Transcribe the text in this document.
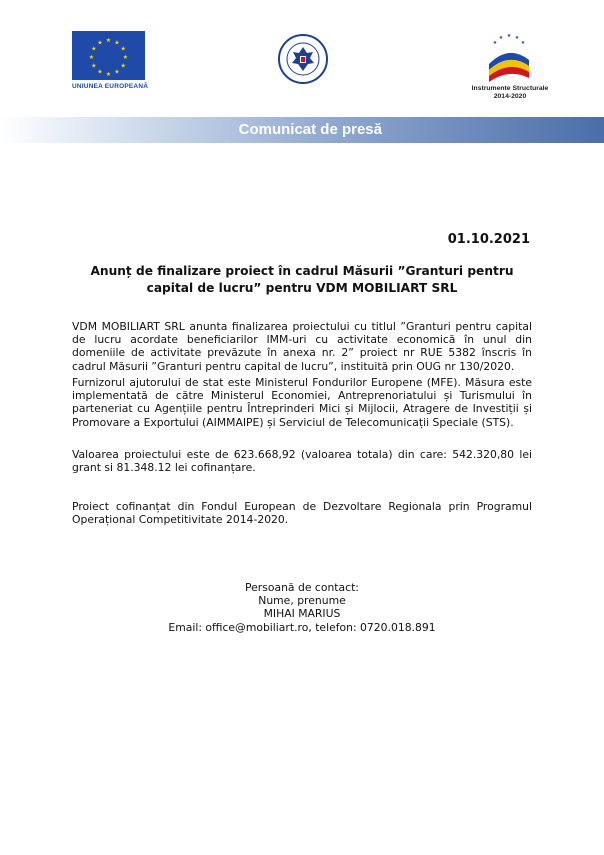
★ ★
★
★
★
★
★
★
★
★
★
★
UNIUNEA EUROPEANĂ
★ ★
★
★
★
Instrumente Structurale
2014-2020
Comunicat de presă
01.10.2021
Anunț de finalizare proiect în cadrul Măsurii ”Granturi pentru capital de lucru” pentru VDM MOBILIART SRL
VDM MOBILIART SRL anunta finalizarea proiectului cu titlul ”Granturi pentru capital de lucru acordate beneficiarilor IMM-uri cu activitate economică în unul din domeniile de activitate prevăzute în anexa nr. 2” proiect nr RUE 5382 înscris în cadrul Măsurii ”Granturi pentru capital de lucru”, instituită prin OUG nr 130/2020.
Furnizorul ajutorului de stat este Ministerul Fondurilor Europene (MFE). Măsura este implementată de către Ministerul Economiei, Antreprenoriatului și Turismului în parteneriat cu Agențiile pentru Întreprinderi Mici și Mijlocii, Atragere de Investiții și Promovare a Exportului (AIMMAIPE) și Serviciul de Telecomunicații Speciale (STS).
Valoarea proiectului este de 623.668,92 (valoarea totala) din care: 542.320,80 lei grant si 81.348.12 lei cofinanțare.
Proiect cofinanțat din Fondul European de Dezvoltare Regionala prin Programul Operațional Competitivitate 2014-2020.
Persoană de contact:
Nume, prenume
MIHAI MARIUS
Email: office@mobiliart.ro, telefon: 0720.018.891
